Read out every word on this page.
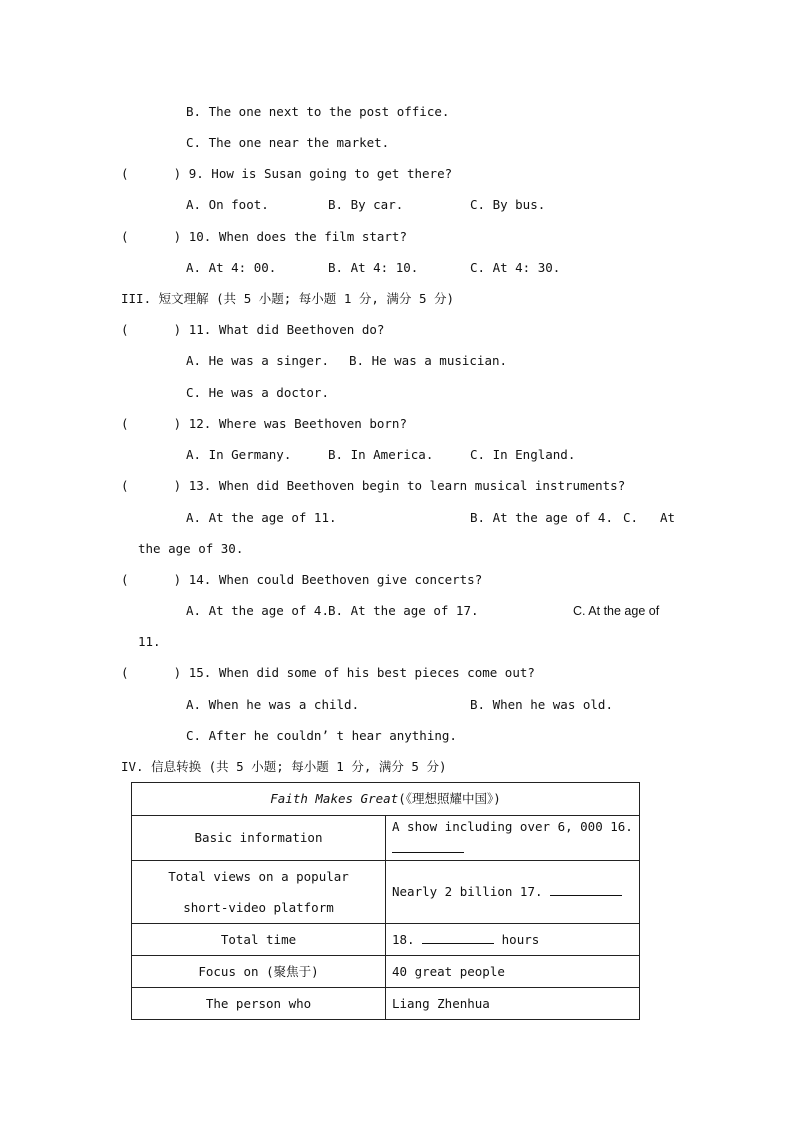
B. The one next to the post office.
C. The one near the market.
(      ) 9. How is Susan going to get there?
A. On foot.	B. By car.	C. By bus.
(      ) 10. When does the film start?
A. At 4: 00.	B. At 4: 10.	C. At 4: 30.
III. 短文理解 (共 5 小题; 每小题 1 分, 满分 5 分)
(      ) 11. What did Beethoven do?
A. He was a singer. B. He was a musician.
C. He was a doctor.
(      ) 12. Where was Beethoven born?
A. In Germany.	B. In America.	C. In England.
(      ) 13. When did Beethoven begin to learn musical instruments?
A. At the age of 11.	B. At the age of 4. C. At
the age of 30.
(      ) 14. When could Beethoven give concerts?
A. At the age of 4. B. At the age of 17.	C. At the age of
11.
(      ) 15. When did some of his best pieces come out?
A. When he was a child.	B. When he was old.
C. After he couldn’ t hear anything.
IV. 信息转换 (共 5 小题; 每小题 1 分, 满分 5 分)
Faith Makes Great(《理想照耀中国》)	
Basic information	A show including over 6, 000 16.

Total views on a popular
short-video platform	Nearly 2 billion 17.
Total time	18. hours
Focus on (聚焦于)	40 great people
The person who	Liang Zhenhua
